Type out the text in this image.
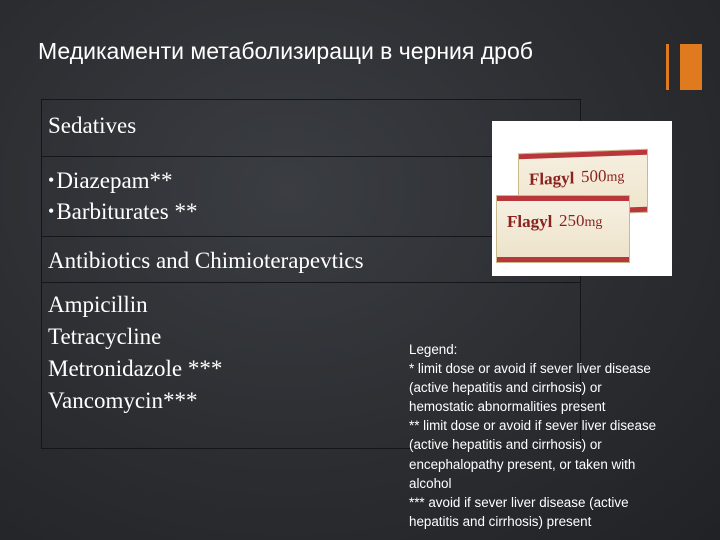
Медикаменти метаболизиращи в черния дроб
Sedatives
•Diazepam**
•Barbiturates **
Antibiotics and Chimioterapevtics
Ampicillin
Tetracycline
Metronidazole ***
Vancomycin***
Flagyl 500mg
Flagyl 250mg
Legend:
* limit dose or avoid if sever liver disease
(active hepatitis and cirrhosis) or
hemostatic abnormalities present
** limit dose or avoid if sever liver disease
(active hepatitis and cirrhosis) or
encephalopathy present, or taken with
alcohol
*** avoid if sever liver disease (active
hepatitis and cirrhosis) present
